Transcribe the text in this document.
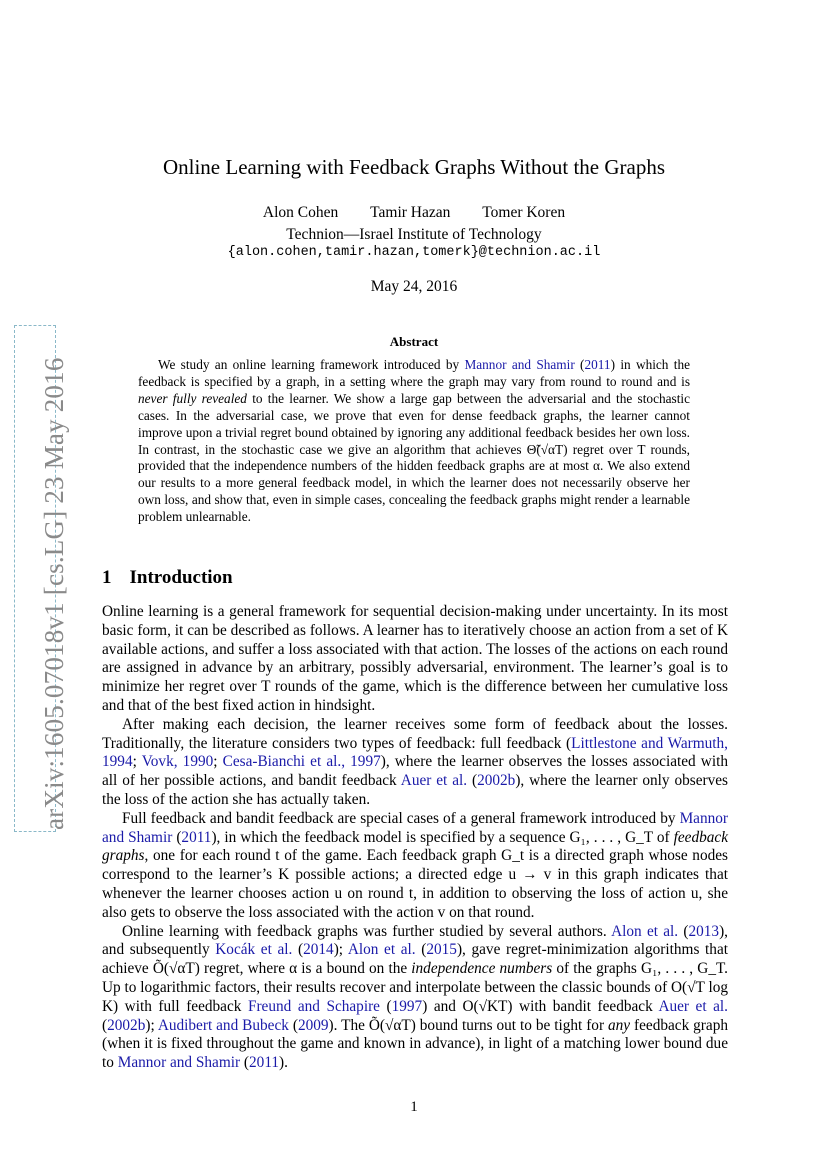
arXiv:1605.07018v1 [cs.LG] 23 May 2016
Online Learning with Feedback Graphs Without the Graphs
Alon Cohen Tamir Hazan Tomer Koren
Technion—Israel Institute of Technology
{alon.cohen,tamir.hazan,tomerk}@technion.ac.il
May 24, 2016
Abstract

We study an online learning framework introduced by Mannor and Shamir (2011) in which the feedback is specified by a graph, in a setting where the graph may vary from round to round and is never fully revealed to the learner. We show a large gap between the adversarial and the stochastic cases. In the adversarial case, we prove that even for dense feedback graphs, the learner cannot improve upon a trivial regret bound obtained by ignoring any additional feedback besides her own loss. In contrast, in the stochastic case we give an algorithm that achieves Θ̃(√αT) regret over T rounds, provided that the independence numbers of the hidden feedback graphs are at most α. We also extend our results to a more general feedback model, in which the learner does not necessarily observe her own loss, and show that, even in simple cases, concealing the feedback graphs might render a learnable problem unlearnable.

1 Introduction

Online learning is a general framework for sequential decision-making under uncertainty. In its most basic form, it can be described as follows. A learner has to iteratively choose an action from a set of K available actions, and suffer a loss associated with that action. The losses of the actions on each round are assigned in advance by an arbitrary, possibly adversarial, environment. The learner’s goal is to minimize her regret over T rounds of the game, which is the difference between her cumulative loss and that of the best fixed action in hindsight.

After making each decision, the learner receives some form of feedback about the losses. Traditionally, the literature considers two types of feedback: full feedback (Littlestone and Warmuth, 1994; Vovk, 1990; Cesa-Bianchi et al., 1997), where the learner observes the losses associated with all of her possible actions, and bandit feedback Auer et al. (2002b), where the learner only observes the loss of the action she has actually taken.

Full feedback and bandit feedback are special cases of a general framework introduced by Mannor and Shamir (2011), in which the feedback model is specified by a sequence G₁, . . . , G_T of feedback graphs, one for each round t of the game. Each feedback graph G_t is a directed graph whose nodes correspond to the learner’s K possible actions; a directed edge u → v in this graph indicates that whenever the learner chooses action u on round t, in addition to observing the loss of action u, she also gets to observe the loss associated with the action v on that round.

Online learning with feedback graphs was further studied by several authors. Alon et al. (2013), and subsequently Kocák et al. (2014); Alon et al. (2015), gave regret-minimization algorithms that achieve Õ(√αT) regret, where α is a bound on the independence numbers of the graphs G₁, . . . , G_T. Up to logarithmic factors, their results recover and interpolate between the classic bounds of O(√T log K) with full feedback Freund and Schapire (1997) and O(√KT) with bandit feedback Auer et al. (2002b); Audibert and Bubeck (2009). The Õ(√αT) bound turns out to be tight for any feedback graph (when it is fixed throughout the game and known in advance), in light of a matching lower bound due to Mannor and Shamir (2011).

1
